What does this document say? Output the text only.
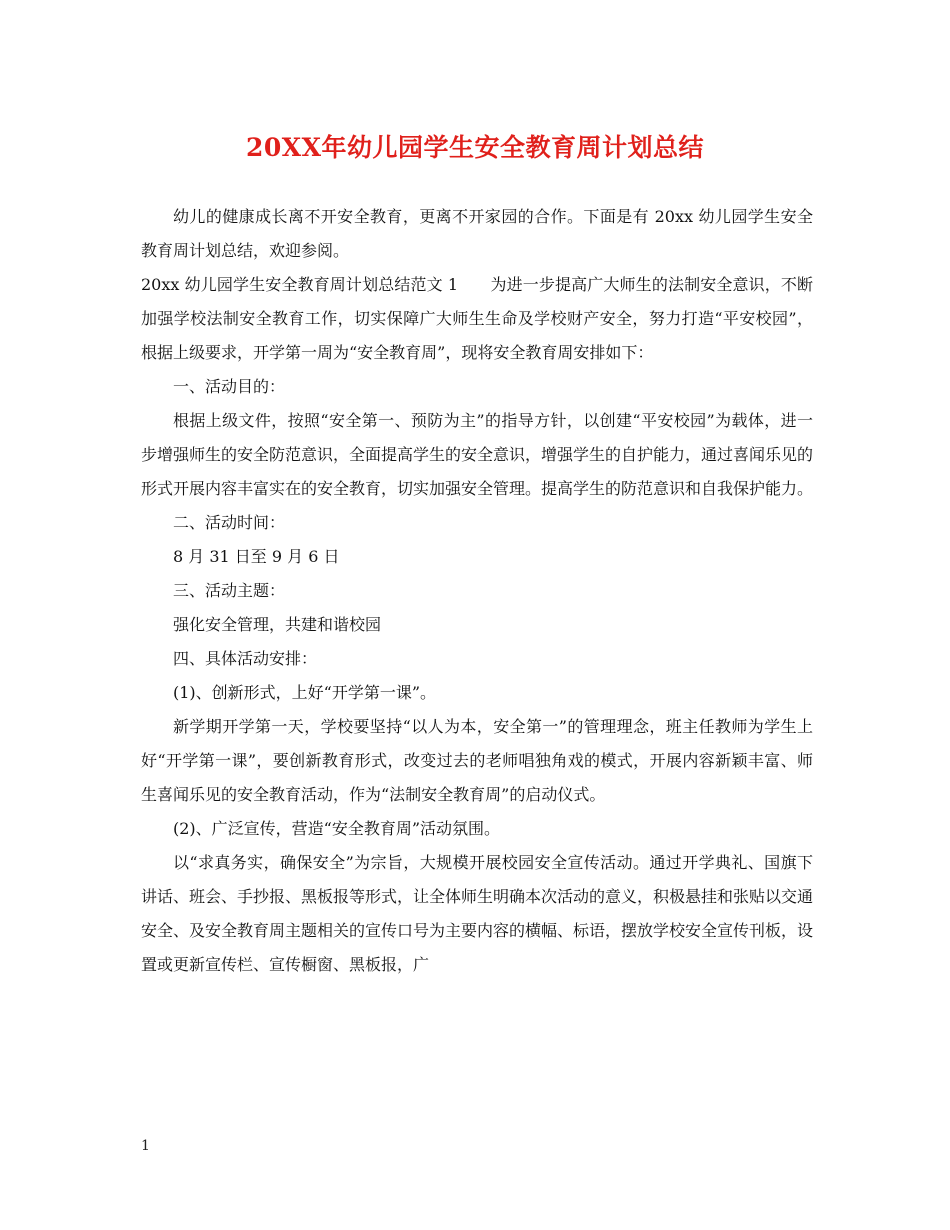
20XX年幼儿园学生安全教育周计划总结

幼儿的健康成长离不开安全教育，更离不开家园的合作。下面是有 20xx 幼儿园学生安全教育周计划总结，欢迎参阅。

20xx 幼儿园学生安全教育周计划总结范文 1　　为进一步提高广大师生的法制安全意识，不断加强学校法制安全教育工作，切实保障广大师生生命及学校财产安全，努力打造“平安校园”，根据上级要求，开学第一周为“安全教育周”，现将安全教育周安排如下：

一、活动目的：

根据上级文件，按照“安全第一、预防为主”的指导方针，以创建“平安校园”为载体，进一步增强师生的安全防范意识，全面提高学生的安全意识，增强学生的自护能力，通过喜闻乐见的形式开展内容丰富实在的安全教育，切实加强安全管理。提高学生的防范意识和自我保护能力。

二、活动时间：

8 月 31 日至 9 月 6 日

三、活动主题：

强化安全管理，共建和谐校园

四、具体活动安排：

(1)、创新形式，上好“开学第一课”。

新学期开学第一天，学校要坚持“以人为本，安全第一”的管理理念，班主任教师为学生上好“开学第一课”，要创新教育形式，改变过去的老师唱独角戏的模式，开展内容新颖丰富、师生喜闻乐见的安全教育活动，作为“法制安全教育周”的启动仪式。

(2)、广泛宣传，营造“安全教育周”活动氛围。

以“求真务实，确保安全”为宗旨，大规模开展校园安全宣传活动。通过开学典礼、国旗下讲话、班会、手抄报、黑板报等形式，让全体师生明确本次活动的意义，积极悬挂和张贴以交通安全、及安全教育周主题相关的宣传口号为主要内容的横幅、标语，摆放学校安全宣传刊板，设置或更新宣传栏、宣传橱窗、黑板报，广

1
